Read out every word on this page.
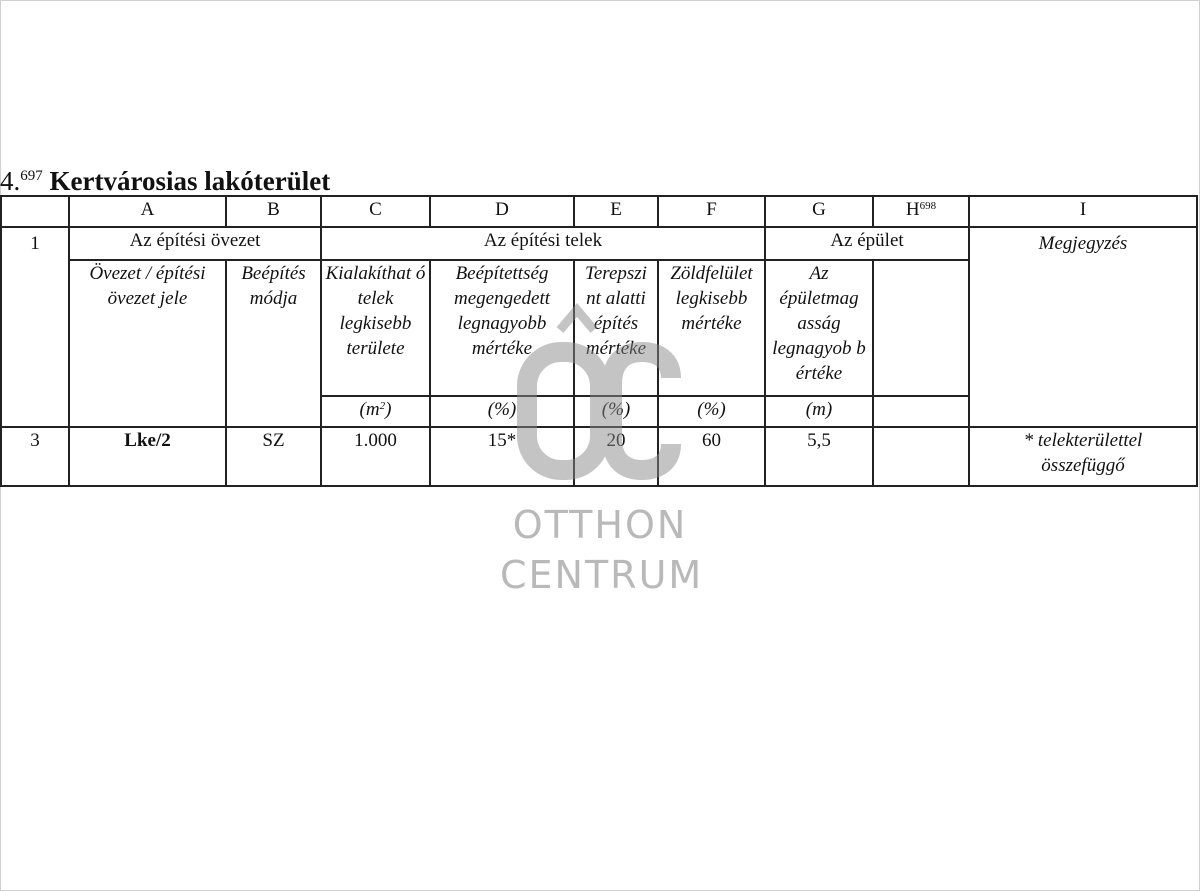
4.$^{697}$ Kertvárosias lakóterület
	A	B	C	D	E	F	G	$H^{698}$	I
1	Az építési övezet		Az építési telek				Az épület		Megjegyzés
	Övezet / építési övezet jele	Beépítés módja	Kialakíthat ó telek legkisebb területe	Beépítettség megengedett legnagyobb mértéke	Terepszi nt alatti építés mértéke	Zöldfelület legkisebb mértéke	Az épületmag asság legnagyob b értéke		
			$(m^2)$	(%)	(%)	(%)	(m)		
3	Lke/2	SZ	1.000	15*	20	60	5,5		* telekterülettel összefüggő
OTTHON
CENTRUM
